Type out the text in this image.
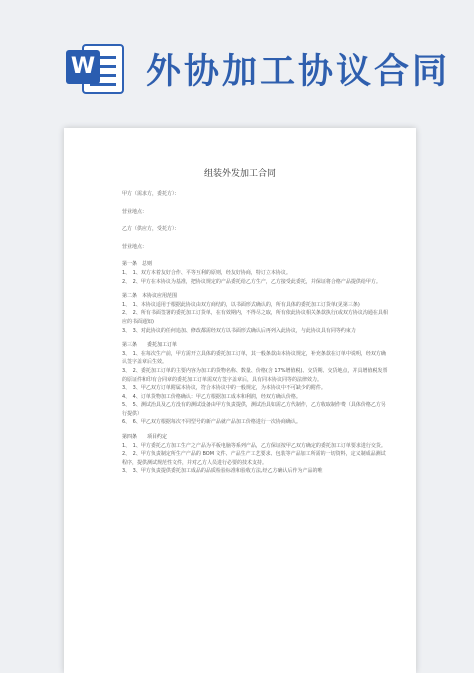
W 外协加工协议合同
组装外发加工合同

甲方（需求方，委托方）：

营业地点：

乙方（供应方，受托方）：

营业地点：

第一条　总则

1、　1、双方本着友好合作、平等互利的原则，经友好协商，特订立本协议。

2、　2、甲方在本协议为基准，把协议规定的产品委托给乙方生产，乙方接受此委托，并保证将合格产品提供给甲方。

第二条　本协议应用范围

1、　1、本协议适用于根据此协议由双方商结的，以书面形式确认的，所有具体的委托加工订货单(见第三条)

2、　2、所有书面签署的委托加工订货单，在有效期内，不得尽之取，所有依此协议相关条款执行(或双方协议沟通在具相应的书面通知)

3、　3、对此协议的任何追加、修改都需经双方以书面形式确认后再列入此协议，与此协议具有同等约束力

第三条　　委托加工订单

3、　1、在每次生产前，甲方需开立具体的委托加工订单，其一般条款由本协议规定，补充条款在订单中说明，经双方确认签字盖章后生效。

3、　2、委托加工订单的主要内容为加工的货物名称、数量、价格(含 17%增值税)、交货期、交货地点，并具增值税发票的原证件和印有合同章的委托加工订单需双方签字盖章后，具有同本协议同等的法律效力。

3、　3、甲乙双方订单附属本协议，符合本协议中的一般规定，为本协议中不可缺少的附件。

4、　4、订单货物加工价格确认：甲乙方根据加工成本和利润，经双方确认价格。

5、　5、测试治具及乙方没有的测试设备由甲方负责提供，测试治具如需乙方代制作，乙方收取制作费（具体价格乙方另行提供）

6、　6、甲乙双方根据每次不同型号的新产品就产品加工价格进行一次协商确认。

第四条　　项目约定

1、　1、甲方委托乙方加工生产之产品为平板电脑等系列产品，乙方保证按甲乙双方确定的委托加工订单要求进行交货。

2、　2、甲方负责制定所生产产品的 BOM 文件、产品生产工艺要求、包装等产品加工所需的一切资料，定义制成品测试程序，提供测试规范性文件，并对乙方人员进行必要的技术支持。

3、　3、甲方负责提供委托加工成品的品质检验标准和验收方法,经乙方确认后作为产品的唯
